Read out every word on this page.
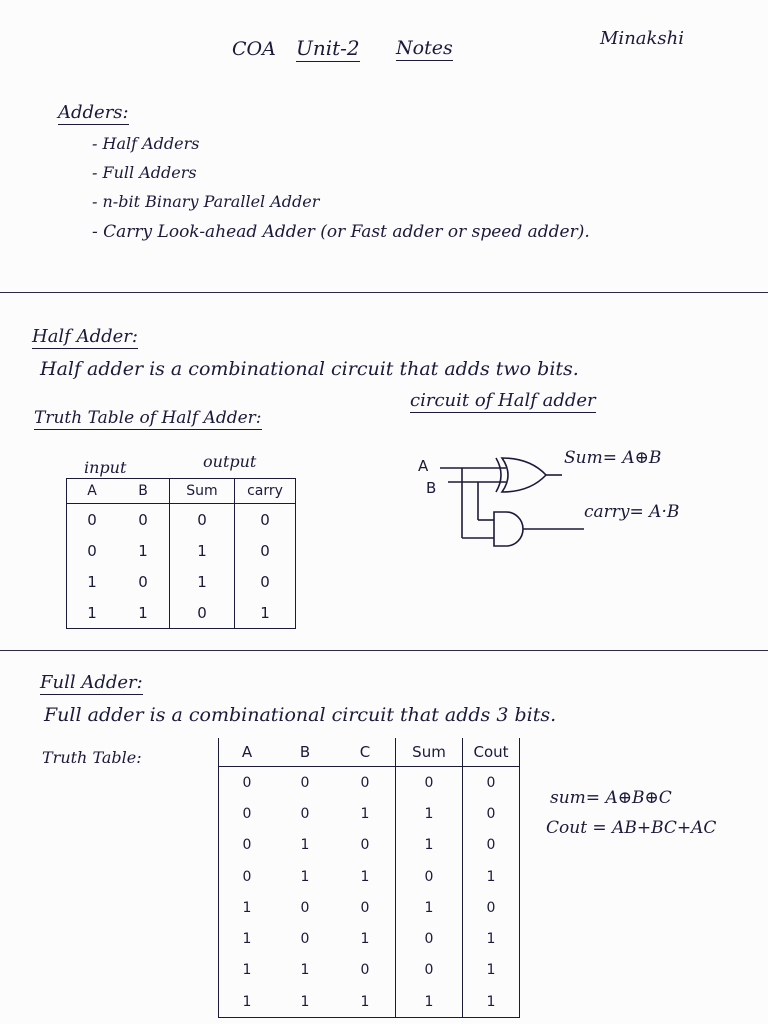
COA Unit-2 Notes	Minakshi
Adders:
- Half Adders
- Full Adders
- n-bit Binary Parallel Adder
- Carry Look-ahead Adder (or Fast adder or speed adder).
Half Adder:
Half adder is a combinational circuit that adds two bits.
Truth Table of Half Adder:
circuit of Half adder
input	output
A	B	Sum	carry
0	0	0	0
0	1	1	0
1	0	1	0
1	1	0	1
A
B
Sum= A⊕B
carry= A·B
Full Adder:
Full adder is a combinational circuit that adds 3 bits.
Truth Table:	A	B	C	Sum	Cout
0	0	0	0	0
0	0	1	1	0
0	1	0	1	0
0	1	1	0	1
1	0	0	1	0
1	0	1	0	1
1	1	0	0	1
1	1	1	1	1
sum= A⊕B⊕C
Cout = AB+BC+AC
